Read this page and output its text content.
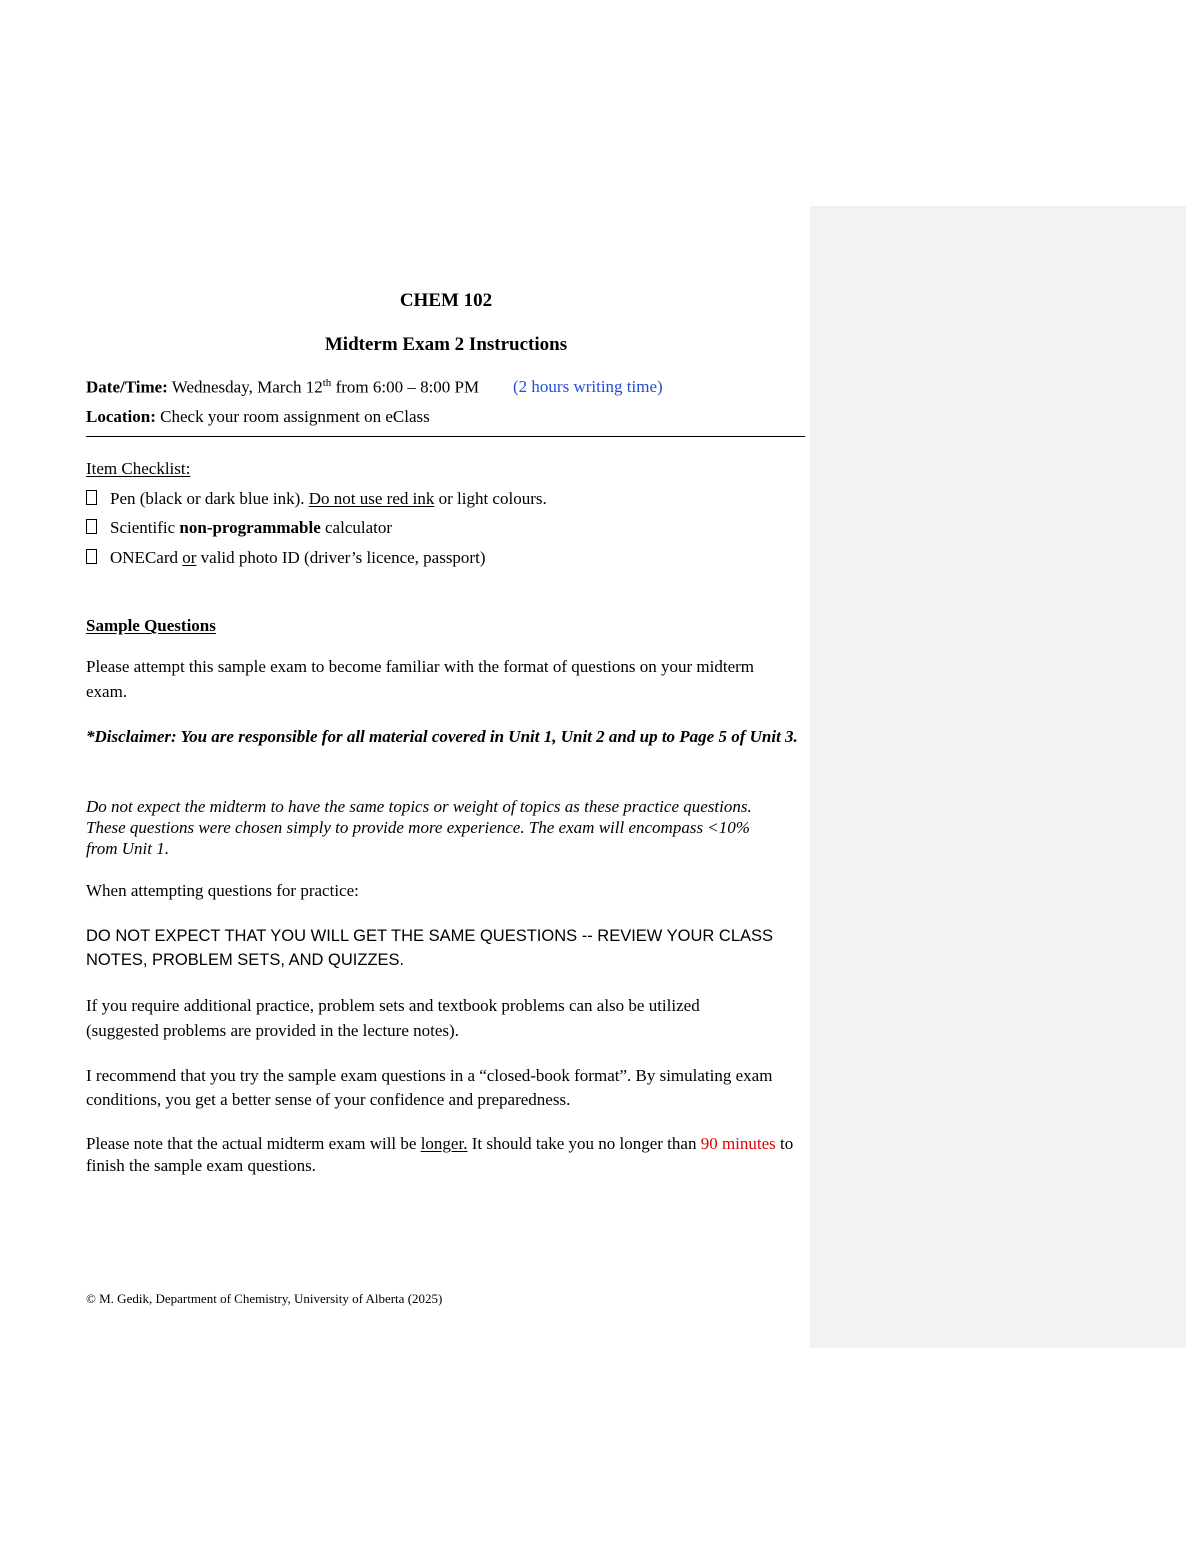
CHEM 102
Midterm Exam 2 Instructions
Date/Time: Wednesday, March 12th from 6:00 – 8:00 PM (2 hours writing time)
Location: Check your room assignment on eClass
Item Checklist:
Pen (black or dark blue ink). Do not use red ink or light colours.
Scientific non-programmable calculator
ONECard or valid photo ID (driver’s licence, passport)
Sample Questions
Please attempt this sample exam to become familiar with the format of questions on your midterm exam.
*Disclaimer: You are responsible for all material covered in Unit 1, Unit 2 and up to Page 5 of Unit 3.
Do not expect the midterm to have the same topics or weight of topics as these practice questions. These questions were chosen simply to provide more experience. The exam will encompass <10% from Unit 1.
When attempting questions for practice:
DO NOT EXPECT THAT YOU WILL GET THE SAME QUESTIONS -- REVIEW YOUR CLASS NOTES, PROBLEM SETS, AND QUIZZES.
If you require additional practice, problem sets and textbook problems can also be utilized (suggested problems are provided in the lecture notes).
I recommend that you try the sample exam questions in a “closed-book format”. By simulating exam conditions, you get a better sense of your confidence and preparedness.
Please note that the actual midterm exam will be longer. It should take you no longer than 90 minutes to finish the sample exam questions.
© M. Gedik, Department of Chemistry, University of Alberta (2025)
